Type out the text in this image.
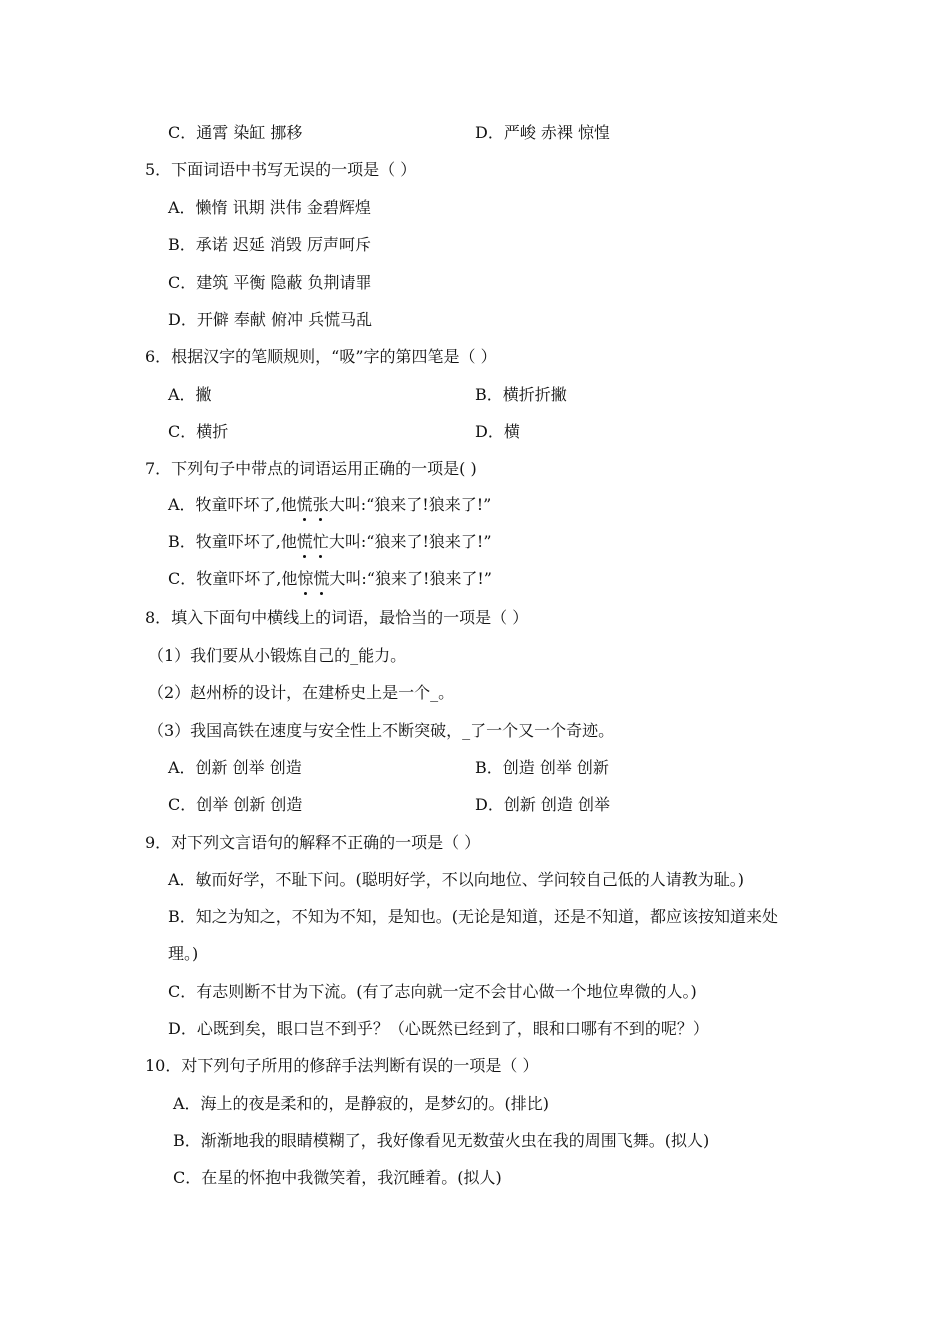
C．通霄 染缸 挪移	D．严峻 赤裸 惊惶
5．下面词语中书写无误的一项是（ ）
A．懒惰 讯期 洪伟 金碧辉煌
B．承诺 迟延 消毁 厉声呵斥
C．建筑 平衡 隐蔽 负荆请罪
D．开僻 奉献 俯冲 兵慌马乱
6．根据汉字的笔顺规则，“吸”字的第四笔是（ ）
A．撇	B．横折折撇
C．横折	D．横
7．下列句子中带点的词语运用正确的一项是( )
A．牧童吓坏了,他慌张大叫:“狼来了!狼来了!”
B．牧童吓坏了,他慌忙大叫:“狼来了!狼来了!”
C．牧童吓坏了,他惊慌大叫:“狼来了!狼来了!”
8．填入下面句中横线上的词语，最恰当的一项是（ ）
（1）我们要从小锻炼自己的_能力。
（2）赵州桥的设计，在建桥史上是一个_。
（3）我国高铁在速度与安全性上不断突破，_了一个又一个奇迹。
A．创新 创举 创造	B．创造 创举 创新
C．创举 创新 创造	D．创新 创造 创举
9．对下列文言语句的解释不正确的一项是（ ）
A．敏而好学，不耻下问。(聪明好学，不以向地位、学问较自己低的人请教为耻。)
B．知之为知之，不知为不知，是知也。(无论是知道，还是不知道，都应该按知道来处
理。)
C．有志则断不甘为下流。(有了志向就一定不会甘心做一个地位卑微的人。)
D．心既到矣，眼口岂不到乎？（心既然已经到了，眼和口哪有不到的呢？）
10．对下列句子所用的修辞手法判断有误的一项是（ ）
A．海上的夜是柔和的，是静寂的，是梦幻的。(排比)
B．渐渐地我的眼睛模糊了，我好像看见无数萤火虫在我的周围飞舞。(拟人)
C．在星的怀抱中我微笑着，我沉睡着。(拟人)
